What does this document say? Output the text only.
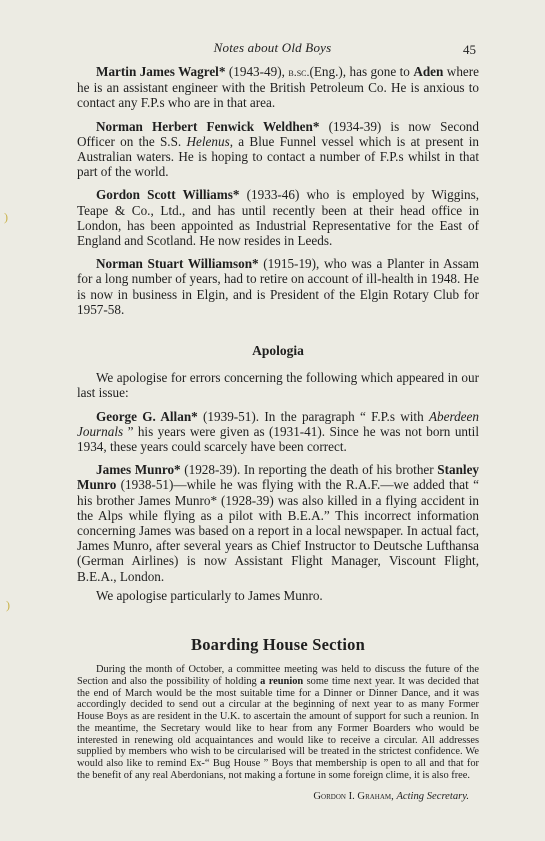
Notes about Old Boys	45
)
)

Martin James Wagrel* (1943-49), b.sc.(Eng.), has gone to Aden where he is an assistant engineer with the British Petroleum Co. He is anxious to contact any F.P.s who are in that area.

Norman Herbert Fenwick Weldhen* (1934-39) is now Second Officer on the S.S. Helenus, a Blue Funnel vessel which is at present in Australian waters. He is hoping to contact a number of F.P.s whilst in that part of the world.

Gordon Scott Williams* (1933-46) who is employed by Wiggins, Teape & Co., Ltd., and has until recently been at their head office in London, has been appointed as Industrial Representative for the East of England and Scotland. He now resides in Leeds.

Norman Stuart Williamson* (1915-19), who was a Planter in Assam for a long number of years, had to retire on account of ill-health in 1948. He is now in business in Elgin, and is President of the Elgin Rotary Club for 1957-58.

Apologia

We apologise for errors concerning the following which appeared in our last issue:

George G. Allan* (1939-51). In the paragraph “ F.P.s with Aberdeen Journals ” his years were given as (1931-41). Since he was not born until 1934, these years could scarcely have been correct.

James Munro* (1928-39). In reporting the death of his brother Stanley Munro (1938-51)—while he was flying with the R.A.F.—we added that “ his brother James Munro* (1928-39) was also killed in a flying accident in the Alps while flying as a pilot with B.E.A.” This incorrect information concerning James was based on a report in a local newspaper. In actual fact, James Munro, after several years as Chief Instructor to Deutsche Lufthansa (German Airlines) is now Assistant Flight Manager, Viscount Flight, B.E.A., London.

We apologise particularly to James Munro.

Boarding House Section

During the month of October, a committee meeting was held to discuss the future of the Section and also the possibility of holding a reunion some time next year. It was decided that the end of March would be the most suitable time for a Dinner or Dinner Dance, and it was accordingly decided to send out a circular at the beginning of next year to as many Former House Boys as are resident in the U.K. to ascertain the amount of support for such a reunion. In the meantime, the Secretary would like to hear from any Former Boarders who would be interested in renewing old acquaintances and would like to receive a circular. All addresses supplied by members who wish to be circularised will be treated in the strictest confidence. We would also like to remind Ex-“ Bug House ” Boys that membership is open to all and that for the benefit of any real Aberdonians, not making a fortune in some foreign clime, it is also free.

Gordon I. Graham, Acting Secretary.
